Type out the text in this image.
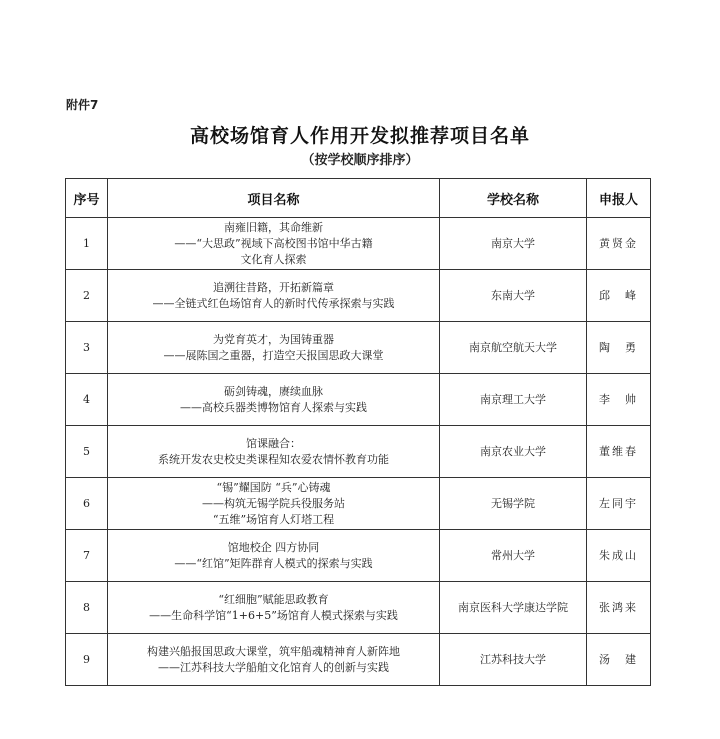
附件7
高校场馆育人作用开发拟推荐项目名单
（按学校顺序排序）
序号	项目名称	学校名称	申报人
1	南雍旧籍，其命维新
——“大思政”视域下高校图书馆中华古籍
文化育人探索	南京大学	黄贤金
2	追溯往昔路，开拓新篇章
——全链式红色场馆育人的新时代传承探索与实践	东南大学	邱　峰
3	为党育英才，为国铸重器
——展陈国之重器，打造空天报国思政大课堂	南京航空航天大学	陶　勇
4	砺剑铸魂，赓续血脉
——高校兵器类博物馆育人探索与实践	南京理工大学	李　帅
5	馆课融合：
系统开发农史校史类课程知农爱农情怀教育功能	南京农业大学	董维春
6	“锡”耀国防 “兵”心铸魂
——构筑无锡学院兵役服务站
“五维”场馆育人灯塔工程	无锡学院	左同宇
7	馆地校企 四方协同
——“红馆”矩阵群育人模式的探索与实践	常州大学	朱成山
8	“红细胞”赋能思政教育
——生命科学馆“1+6+5”场馆育人模式探索与实践	南京医科大学康达学院	张鸿来
9	构建兴船报国思政大课堂，筑牢船魂精神育人新阵地
——江苏科技大学船舶文化馆育人的创新与实践	江苏科技大学	汤　建
